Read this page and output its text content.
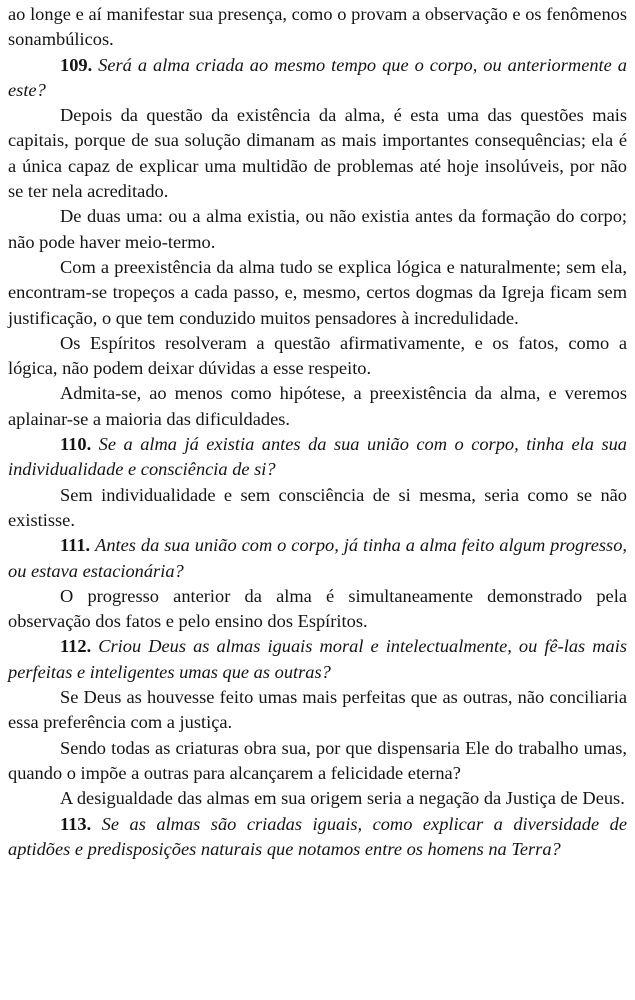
ao longe e aí manifestar sua presença, como o provam a observação e os fenômenos sonambúlicos.

109. Será a alma criada ao mesmo tempo que o corpo, ou anteriormente a este?

Depois da questão da existência da alma, é esta uma das questões mais capitais, porque de sua solução dimanam as mais importantes consequências; ela é a única capaz de explicar uma multidão de problemas até hoje insolúveis, por não se ter nela acreditado.

De duas uma: ou a alma existia, ou não existia antes da formação do corpo; não pode haver meio-termo.

Com a preexistência da alma tudo se explica lógica e naturalmente; sem ela, encontram-se tropeços a cada passo, e, mesmo, certos dogmas da Igreja ficam sem justificação, o que tem conduzido muitos pensadores à incredulidade.

Os Espíritos resolveram a questão afirmativamente, e os fatos, como a lógica, não podem deixar dúvidas a esse respeito.

Admita-se, ao menos como hipótese, a preexistência da alma, e veremos aplainar-se a maioria das dificuldades.

110. Se a alma já existia antes da sua união com o corpo, tinha ela sua individualidade e consciência de si?

Sem individualidade e sem consciência de si mesma, seria como se não existisse.

111. Antes da sua união com o corpo, já tinha a alma feito algum progresso, ou estava estacionária?

O progresso anterior da alma é simultaneamente demonstrado pela observação dos fatos e pelo ensino dos Espíritos.

112. Criou Deus as almas iguais moral e intelectualmente, ou fê-las mais perfeitas e inteligentes umas que as outras?

Se Deus as houvesse feito umas mais perfeitas que as outras, não conciliaria essa preferência com a justiça.

Sendo todas as criaturas obra sua, por que dispensaria Ele do trabalho umas, quando o impõe a outras para alcançarem a felicidade eterna?

A desigualdade das almas em sua origem seria a negação da Justiça de Deus.

113. Se as almas são criadas iguais, como explicar a diversidade de aptidões e predisposições naturais que notamos entre os homens na Terra?
